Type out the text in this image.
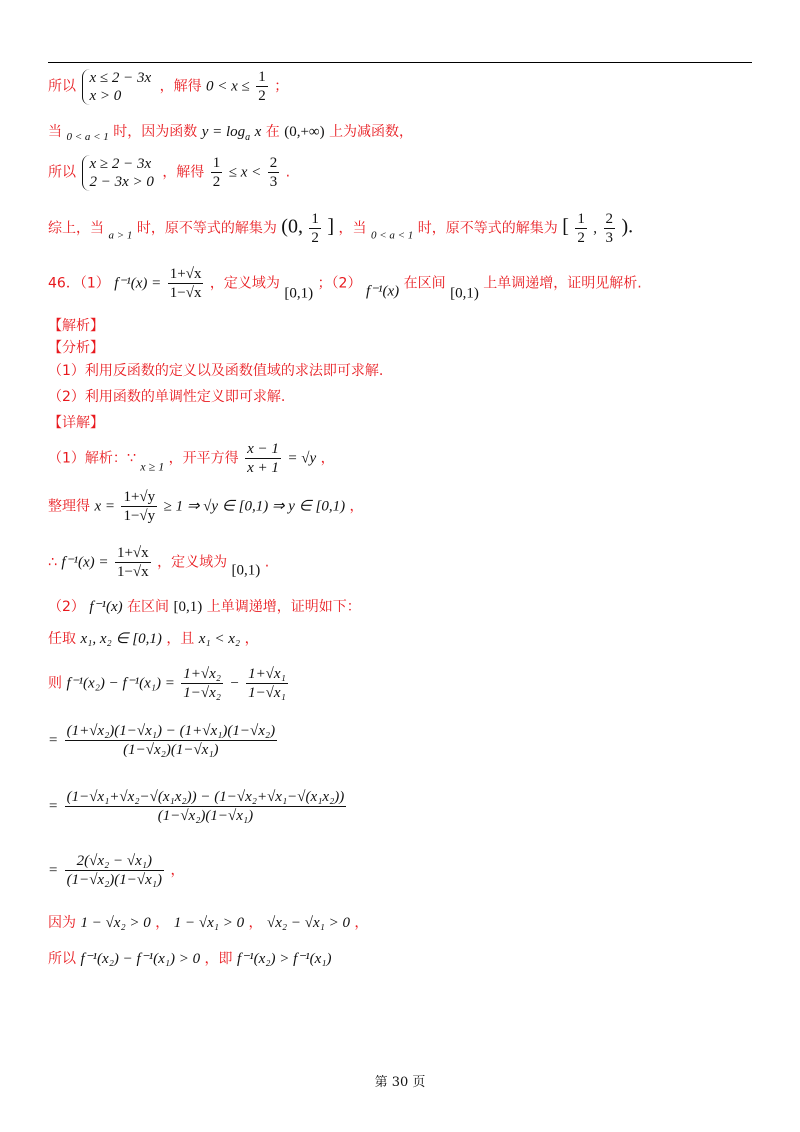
所以
x ≤ 2 − 3x
x > 0
，解得 $0 < x \le \frac{1}{2}$ ；
当 $_{0 < a < 1}$ 时，因为函数 $y = \log_a x$ 在 (0,+∞) 上为减函数，
所以
x ≥ 2 − 3x
2 − 3x > 0
，解得 $\frac{1}{2} \le x < \frac{2}{3}$ .
综上，当 $_{a > 1}$ 时，原不等式的解集为 (0, $\frac{1}{2}$ ] ，当 $_{0 < a < 1}$ 时，原不等式的解集为 [ $\frac{1}{2}$ , $\frac{2}{3}$ ).
46．（1） $f^{-1}(x) = \frac{1+√x}{1-√x}$ ，定义域为 [0,1) ；（2） f⁻¹(x) 在区间 [0,1) 上单调递增，证明见解析.
【解析】
【分析】
（1）利用反函数的定义以及函数值域的求法即可求解.
（2）利用函数的单调性定义即可求解.
【详解】
（1）解析：∵ x ≥ 1 ，开平方得 $\frac{x - 1}{x + 1} = √y$ ，
整理得 $x = \frac{1+√y}{1-√y} \ge 1$ ⇒ √y ∈ [0,1) ⇒ y ∈ [0,1) ，
∴ $f^{-1}(x) = \frac{1+√x}{1-√x}$ ，定义域为 [0,1) .
（2） f⁻¹(x) 在区间 [0,1) 上单调递增，证明如下：
任取 x₁, x₂ ∈ [0,1) ，且 x₁ < x₂ ，
则 $f^{-1}(x_2) - f^{-1}(x_1) = \frac{\text{1+√x₂}}{\text{1−√x₂}} - \frac{\text{1+√x₁}}{\text{1−√x₁}}$
= $\frac{\text{(1+√x₂)(1−√x₁) − (1+√x₁)(1−√x₂)}}{\text{(1−√x₂)(1−√x₁)}}$
= $\frac{\text{(1−√x₁+√x₂−√(x₁x₂)) − (1−√x₂+√x₁−√(x₁x₂))}}{\text{(1−√x₂)(1−√x₁)}}$
= $\frac{\text{2(√x₂ − √x₁)}}{\text{(1−√x₂)(1−√x₁)}}$ ，
因为 1 − √x₂ > 0 ， 1 − √x₁ > 0 ， √x₂ − √x₁ > 0 ，
所以 f⁻¹(x₂) − f⁻¹(x₁) > 0 ，即 f⁻¹(x₂) > f⁻¹(x₁)
第 30 页
